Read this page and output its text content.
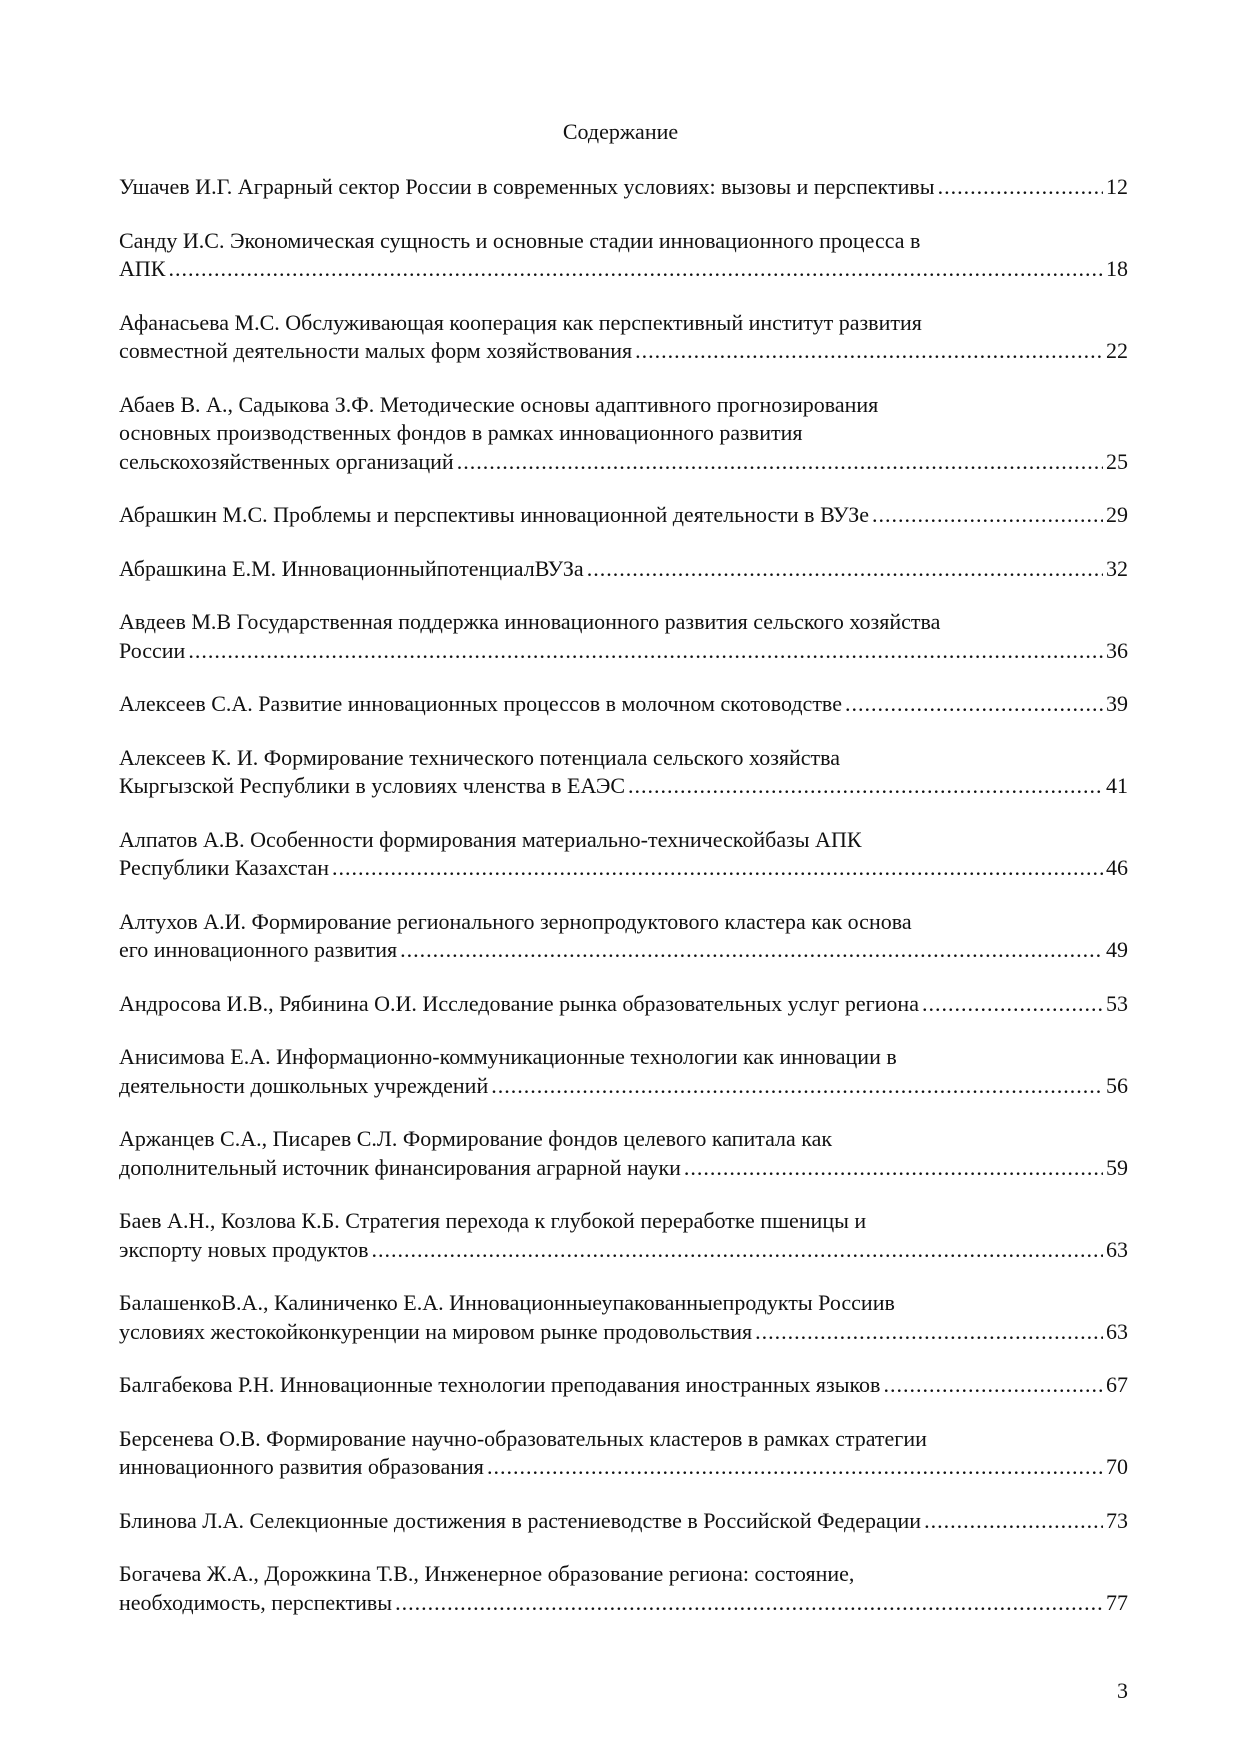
Содержание
Ушачев И.Г. Аграрный сектор России в современных условиях: вызовы и перспективы .....	12
Санду И.С. Экономическая сущность и основные стадии инновационного процесса в
АПК .....	18
Афанасьева М.С. Обслуживающая кооперация как перспективный институт развития
совместной деятельности малых форм хозяйствования .....	22
Абаев В. А., Садыкова З.Ф. Методические основы адаптивного прогнозирования
основных производственных фондов в рамках инновационного развития
сельскохозяйственных организаций .....	25
Абрашкин М.С. Проблемы и перспективы инновационной деятельности в ВУЗе .....	29
Абрашкина Е.М. ИнновационныйпотенциалВУЗа .....	32
Авдеев М.В Государственная поддержка инновационного развития сельского хозяйства
России .....	36
Алексеев С.А. Развитие инновационных процессов в молочном скотоводстве .....	39
Алексеев К. И. Формирование технического потенциала сельского хозяйства
Кыргызской Республики в условиях членства в ЕАЭС .....	41
Алпатов А.В. Особенности формирования материально-техническойбазы АПК
Республики Казахстан .....	46
Алтухов А.И. Формирование регионального зернопродуктового кластера как основа
его инновационного развития .....	49
Андросова И.В., Рябинина О.И. Исследование рынка образовательных услуг региона .....	53
Анисимова Е.А. Информационно-коммуникационные технологии как инновации в
деятельности дошкольных учреждений .....	56
Аржанцев С.А., Писарев С.Л. Формирование фондов целевого капитала как
дополнительный источник финансирования аграрной науки .....	59
Баев А.Н., Козлова К.Б. Стратегия перехода к глубокой переработке пшеницы и
экспорту новых продуктов .....	63
БалашенкоВ.А., Калиниченко Е.А. Инновационныеупакованныепродукты Россиив
условиях жестокойконкуренции на мировом рынке продовольствия .....	63
Балгабекова Р.Н. Инновационные технологии преподавания иностранных языков .....	67
Берсенева О.В. Формирование научно-образовательных кластеров в рамках стратегии
инновационного развития образования .....	70
Блинова Л.А. Селекционные достижения в растениеводстве в Российской Федерации .....	73
Богачева Ж.А., Дорожкина Т.В., Инженерное образование региона: состояние,
необходимость, перспективы .....	77
3
